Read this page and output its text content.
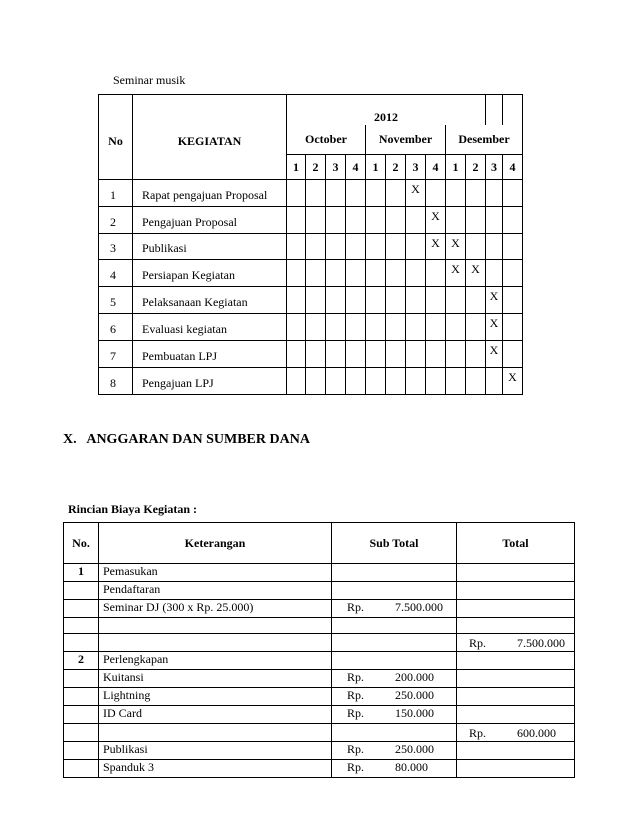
Seminar musik
No	KEGIATAN	2012											
		October				November				Desember			
		1	2	3	4	1	2	3	4	1	2	3	4
1	Rapat pengajuan Proposal							X					
2	Pengajuan Proposal								X				
3	Publikasi								X	X			
4	Persiapan Kegiatan									X	X		
5	Pelaksanaan Kegiatan											X	
6	Evaluasi kegiatan											X	
7	Pembuatan LPJ											X	
8	Pengajuan LPJ												X
X.   ANGGARAN DAN SUMBER DANA
Rincian Biaya Kegiatan :
No.	Keterangan	Sub Total	Total
1	Pemasukan		
	Pendaftaran		
	Seminar DJ (300 x Rp. 25.000)	Rp. 7.500.000	

			Rp. 7.500.000
2	Perlengkapan		
	Kuitansi	Rp. 200.000	
	Lightning	Rp. 250.000	
	ID Card	Rp. 150.000	
			Rp. 600.000
	Publikasi	Rp. 250.000	
	Spanduk 3	Rp. 80.000	
